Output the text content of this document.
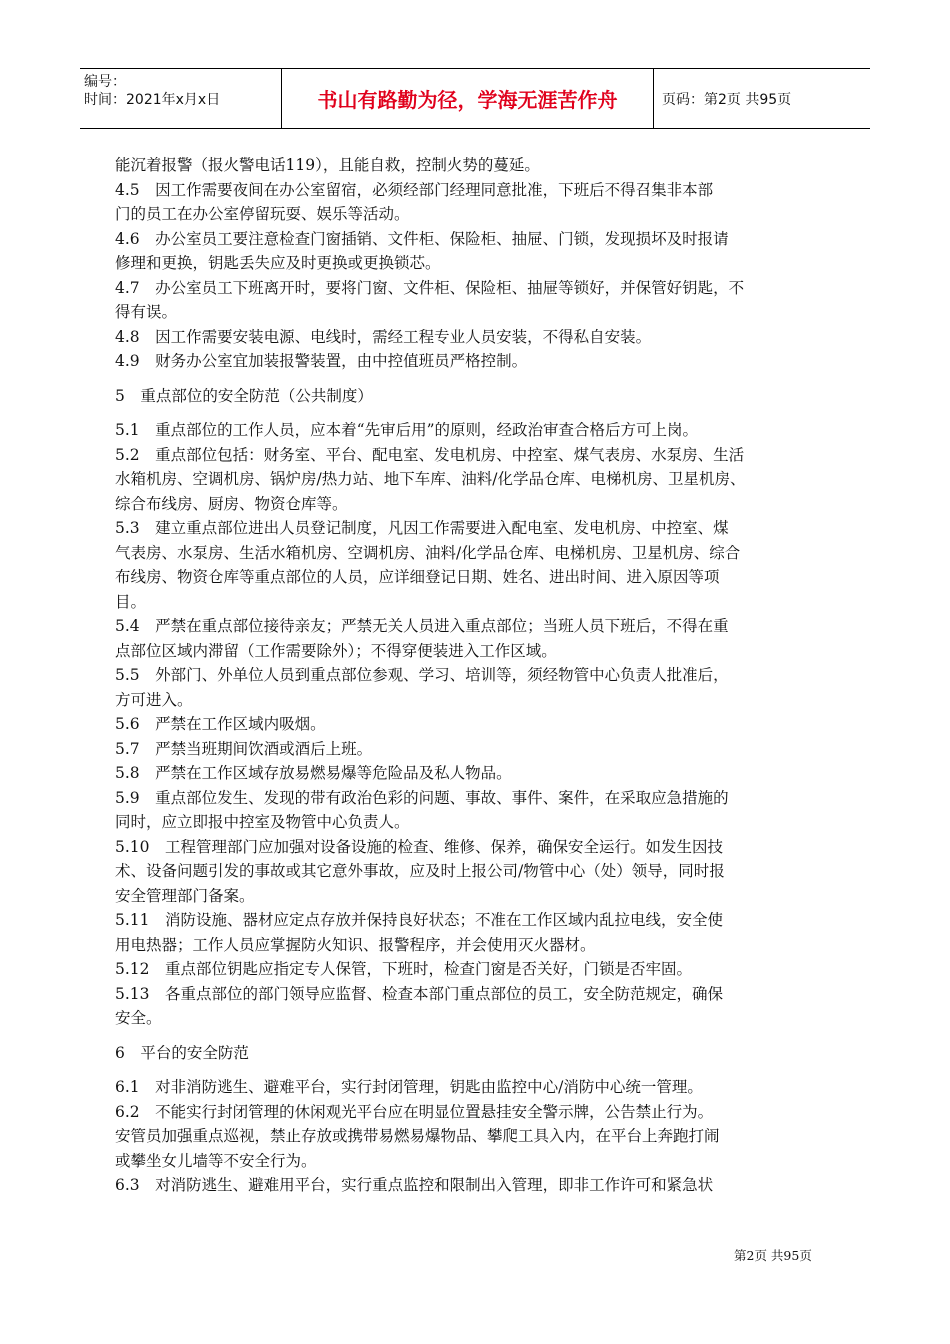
编号：
时间：2021年x月x日	书山有路勤为径，学海无涯苦作舟	页码：第2页 共95页
能沉着报警（报火警电话119），且能自救，控制火势的蔓延。
4.5　因工作需要夜间在办公室留宿，必须经部门经理同意批准，下班后不得召集非本部
门的员工在办公室停留玩耍、娱乐等活动。
4.6　办公室员工要注意检查门窗插销、文件柜、保险柜、抽屉、门锁，发现损坏及时报请
修理和更换，钥匙丢失应及时更换或更换锁芯。
4.7　办公室员工下班离开时，要将门窗、文件柜、保险柜、抽屉等锁好，并保管好钥匙，不
得有误。
4.8　因工作需要安装电源、电线时，需经工程专业人员安装，不得私自安装。
4.9　财务办公室宜加装报警装置，由中控值班员严格控制。
5　重点部位的安全防范（公共制度）
5.1　重点部位的工作人员，应本着“先审后用”的原则，经政治审查合格后方可上岗。
5.2　重点部位包括：财务室、平台、配电室、发电机房、中控室、煤气表房、水泵房、生活
水箱机房、空调机房、锅炉房/热力站、地下车库、油料/化学品仓库、电梯机房、卫星机房、
综合布线房、厨房、物资仓库等。
5.3　建立重点部位进出人员登记制度，凡因工作需要进入配电室、发电机房、中控室、煤
气表房、水泵房、生活水箱机房、空调机房、油料/化学品仓库、电梯机房、卫星机房、综合
布线房、物资仓库等重点部位的人员，应详细登记日期、姓名、进出时间、进入原因等项
目。
5.4　严禁在重点部位接待亲友；严禁无关人员进入重点部位；当班人员下班后，不得在重
点部位区域内滞留（工作需要除外）；不得穿便装进入工作区域。
5.5　外部门、外单位人员到重点部位参观、学习、培训等，须经物管中心负责人批准后，
方可进入。
5.6　严禁在工作区域内吸烟。
5.7　严禁当班期间饮酒或酒后上班。
5.8　严禁在工作区域存放易燃易爆等危险品及私人物品。
5.9　重点部位发生、发现的带有政治色彩的问题、事故、事件、案件，在采取应急措施的
同时，应立即报中控室及物管中心负责人。
5.10　工程管理部门应加强对设备设施的检查、维修、保养，确保安全运行。如发生因技
术、设备问题引发的事故或其它意外事故，应及时上报公司/物管中心（处）领导，同时报
安全管理部门备案。
5.11　消防设施、器材应定点存放并保持良好状态；不准在工作区域内乱拉电线，安全使
用电热器；工作人员应掌握防火知识、报警程序，并会使用灭火器材。
5.12　重点部位钥匙应指定专人保管，下班时，检查门窗是否关好，门锁是否牢固。
5.13　各重点部位的部门领导应监督、检查本部门重点部位的员工，安全防范规定，确保
安全。
6　平台的安全防范
6.1　对非消防逃生、避难平台，实行封闭管理，钥匙由监控中心/消防中心统一管理。
6.2　不能实行封闭管理的休闲观光平台应在明显位置悬挂安全警示牌，公告禁止行为。
安管员加强重点巡视，禁止存放或携带易燃易爆物品、攀爬工具入内，在平台上奔跑打闹
或攀坐女儿墙等不安全行为。
6.3　对消防逃生、避难用平台，实行重点监控和限制出入管理，即非工作许可和紧急状
第2页 共95页
